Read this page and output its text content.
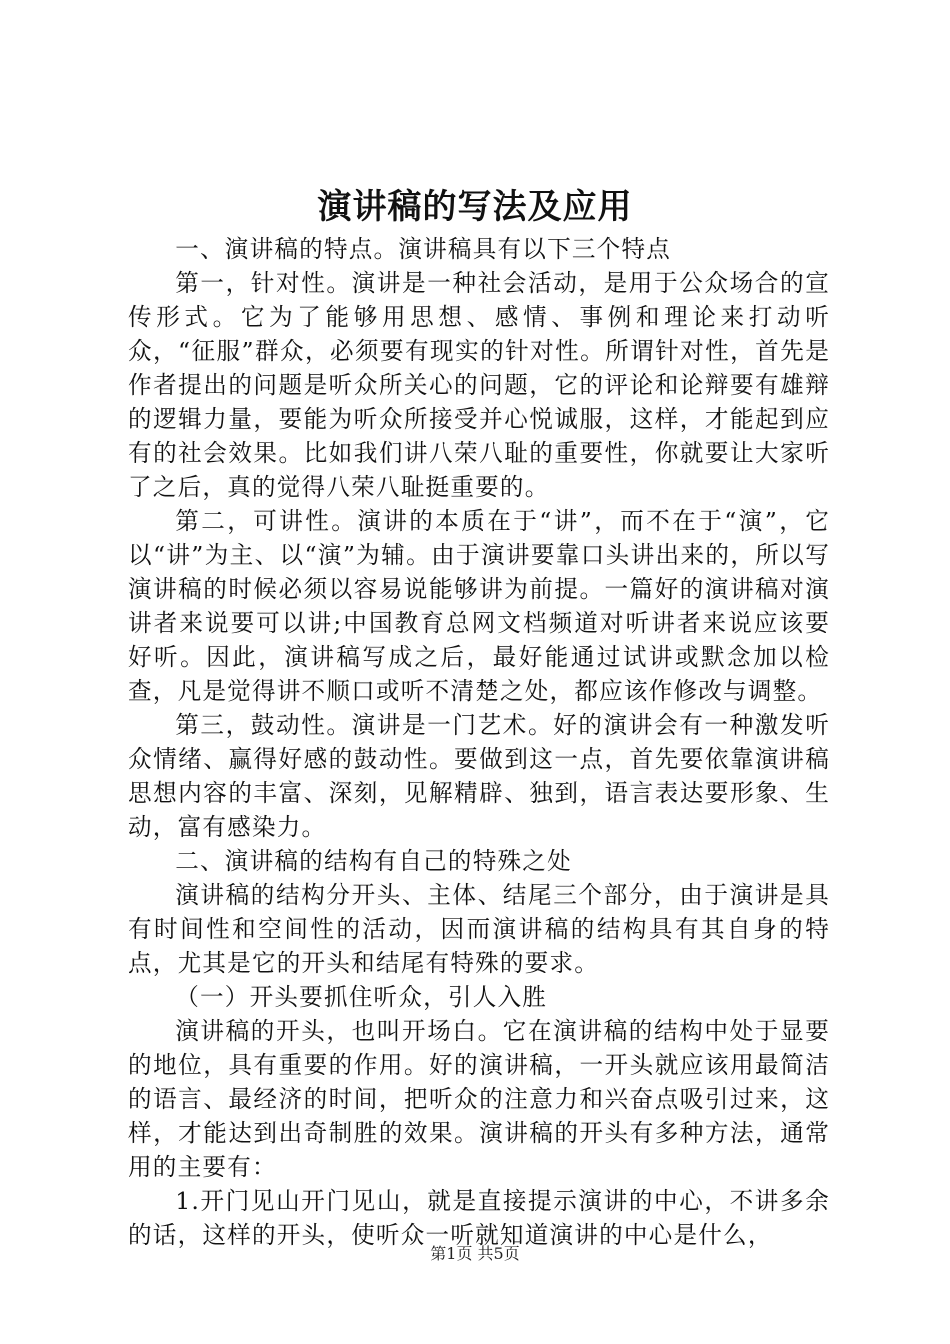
演讲稿的写法及应用

一、演讲稿的特点。演讲稿具有以下三个特点

第一，针对性。演讲是一种社会活动，是用于公众场合的宣传形式。它为了能够用思想、感情、事例和理论来打动听众，“征服”群众，必须要有现实的针对性。所谓针对性，首先是作者提出的问题是听众所关心的问题，它的评论和论辩要有雄辩的逻辑力量，要能为听众所接受并心悦诚服，这样，才能起到应有的社会效果。比如我们讲八荣八耻的重要性，你就要让大家听了之后，真的觉得八荣八耻挺重要的。

第二，可讲性。演讲的本质在于“讲”，而不在于“演”，它以“讲”为主、以“演”为辅。由于演讲要靠口头讲出来的，所以写演讲稿的时候必须以容易说能够讲为前提。一篇好的演讲稿对演讲者来说要可以讲;中国教育总网文档频道对听讲者来说应该要好听。因此，演讲稿写成之后，最好能通过试讲或默念加以检查，凡是觉得讲不顺口或听不清楚之处，都应该作修改与调整。

第三，鼓动性。演讲是一门艺术。好的演讲会有一种激发听众情绪、赢得好感的鼓动性。要做到这一点，首先要依靠演讲稿思想内容的丰富、深刻，见解精辟、独到，语言表达要形象、生动，富有感染力。

二、演讲稿的结构有自己的特殊之处

演讲稿的结构分开头、主体、结尾三个部分，由于演讲是具有时间性和空间性的活动，因而演讲稿的结构具有其自身的特点，尤其是它的开头和结尾有特殊的要求。

（一）开头要抓住听众，引人入胜

演讲稿的开头，也叫开场白。它在演讲稿的结构中处于显要的地位，具有重要的作用。好的演讲稿，一开头就应该用最简洁的语言、最经济的时间，把听众的注意力和兴奋点吸引过来，这样，才能达到出奇制胜的效果。演讲稿的开头有多种方法，通常用的主要有：

1.开门见山开门见山，就是直接提示演讲的中心，不讲多余的话，这样的开头，使听众一听就知道演讲的中心是什么，

第1页 共5页
